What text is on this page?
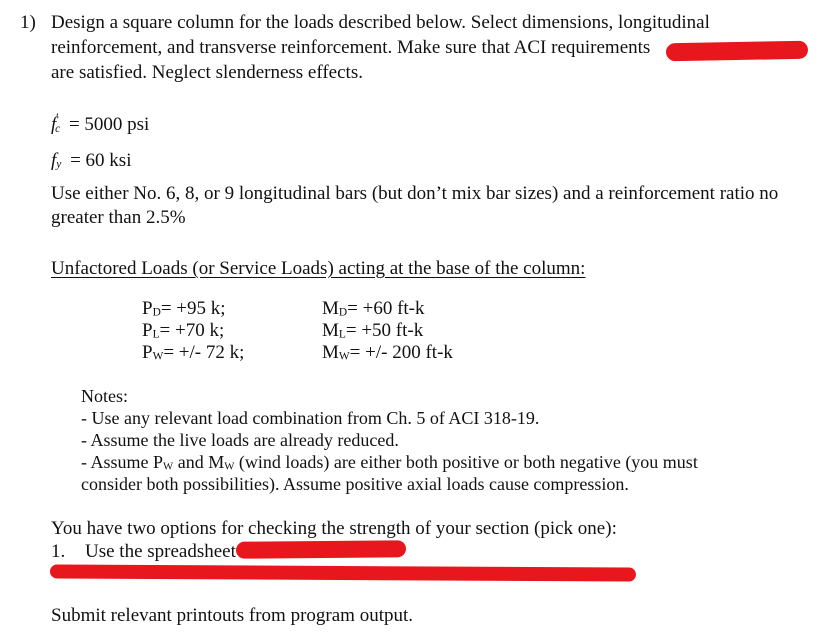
1) Design a square column for the loads described below. Select dimensions, longitudinal
reinforcement, and transverse reinforcement. Make sure that ACI requirements
are satisfied. Neglect slenderness effects.
$f'_c = 5000$ psi
$f_y = 60$ ksi
Use either No. 6, 8, or 9 longitudinal bars (but don’t mix bar sizes) and a reinforcement ratio no
greater than 2.5%
Unfactored Loads (or Service Loads) acting at the base of the column:
$P_D= +95$ k;
$P_L= +70$ k;
$P_W=$ +/- 72 k;
$M_D= +60$ ft-k
$M_L= +50$ ft-k
$M_W=$ +/- 200 ft-k
Notes:
- Use any relevant load combination from Ch. 5 of ACI 318-19.
- Assume the live loads are already reduced.
- Assume $P_W$ and $M_W$ (wind loads) are either both positive or both negative (you must
consider both possibilities). Assume positive axial loads cause compression.
You have two options for checking the strength of your section (pick one):
1. Use the spreadsheet
Submit relevant printouts from program output.
